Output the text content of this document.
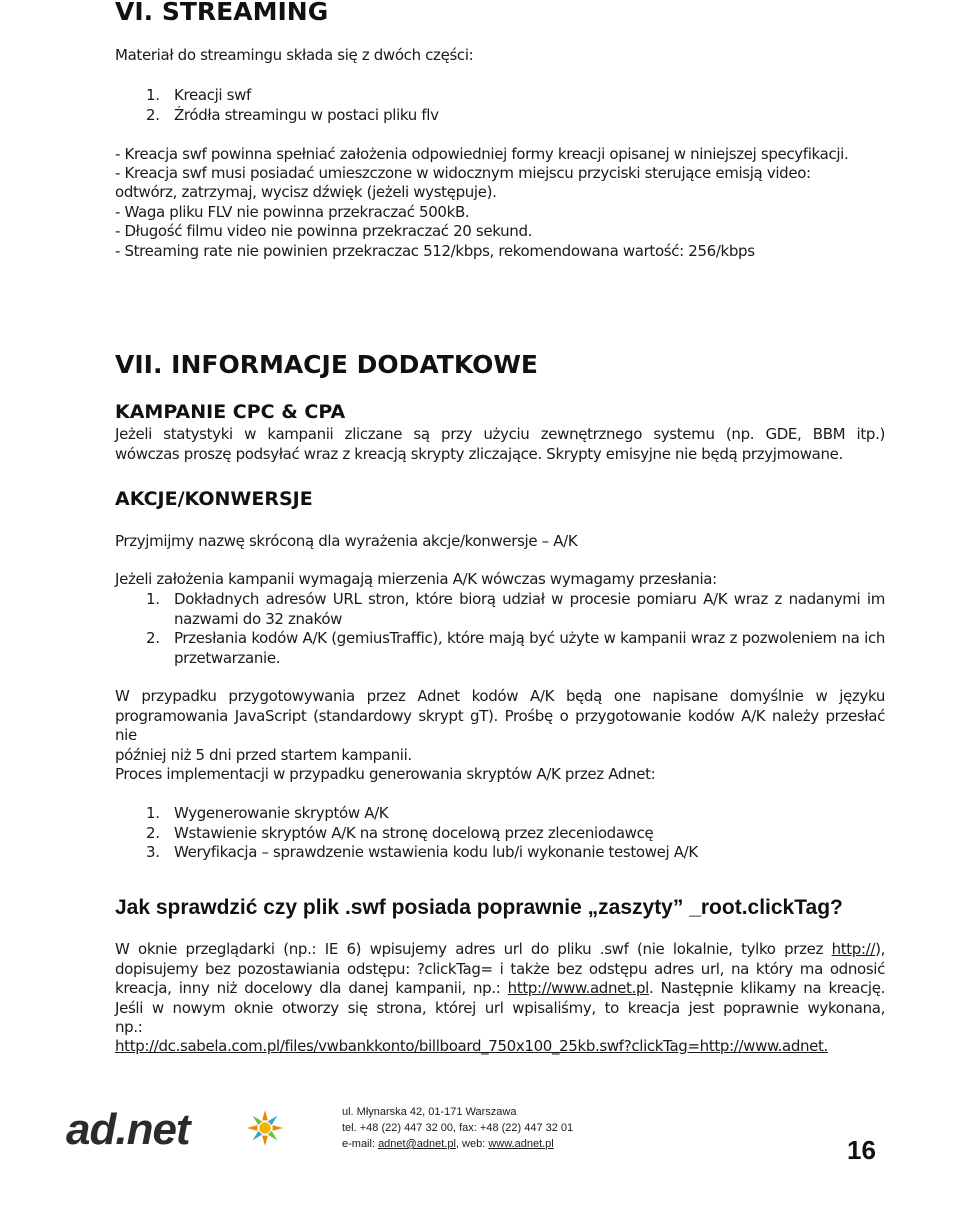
VI. STREAMING
Materiał do streamingu składa się z dwóch części:
1. Kreacji swf
2. Źródła streamingu w postaci pliku flv
- Kreacja swf powinna spełniać założenia odpowiedniej formy kreacji opisanej w niniejszej specyfikacji.
- Kreacja swf musi posiadać umieszczone w widocznym miejscu przyciski sterujące emisją video:
odtwórz, zatrzymaj, wycisz dźwięk (jeżeli występuje).
- Waga pliku FLV nie powinna przekraczać 500kB.
- Długość filmu video nie powinna przekraczać 20 sekund.
- Streaming rate nie powinien przekraczac 512/kbps, rekomendowana wartość: 256/kbps
VII. INFORMACJE DODATKOWE
KAMPANIE CPC & CPA
Jeżeli statystyki w kampanii zliczane są przy użyciu zewnętrznego systemu (np. GDE, BBM itp.)
wówczas proszę podsyłać wraz z kreacją skrypty zliczające. Skrypty emisyjne nie będą przyjmowane.
AKCJE/KONWERSJE
Przyjmijmy nazwę skróconą dla wyrażenia akcje/konwersje – A/K
Jeżeli założenia kampanii wymagają mierzenia A/K wówczas wymagamy przesłania:
1. Dokładnych adresów URL stron, które biorą udział w procesie pomiaru A/K wraz z nadanymi im
nazwami do 32 znaków
2. Przesłania kodów A/K (gemiusTraffic), które mają być użyte w kampanii wraz z pozwoleniem na ich
przetwarzanie.
W przypadku przygotowywania przez Adnet kodów A/K będą one napisane domyślnie w języku
programowania JavaScript (standardowy skrypt gT). Prośbę o przygotowanie kodów A/K należy przesłać nie
później niż 5 dni przed startem kampanii.
Proces implementacji w przypadku generowania skryptów A/K przez Adnet:
1. Wygenerowanie skryptów A/K
2. Wstawienie skryptów A/K na stronę docelową przez zleceniodawcę
3. Weryfikacja – sprawdzenie wstawienia kodu lub/i wykonanie testowej A/K
Jak sprawdzić czy plik .swf posiada poprawnie „zaszyty” _root.clickTag?
W oknie przeglądarki (np.: IE 6) wpisujemy adres url do pliku .swf (nie lokalnie, tylko przez http://),
dopisujemy bez pozostawiania odstępu: ?clickTag= i także bez odstępu adres url, na który ma odnosić
kreacja, inny niż docelowy dla danej kampanii, np.: http://www.adnet.pl. Następnie klikamy na kreację.
Jeśli w nowym oknie otworzy się strona, której url wpisaliśmy, to kreacja jest poprawnie wykonana,
np.:
http://dc.sabela.com.pl/files/vwbankkonto/billboard_750x100_25kb.swf?clickTag=http://www.adnet.
ad.net	ul. Młynarska 42, 01-171 Warszawa
tel. +48 (22) 447 32 00, fax: +48 (22) 447 32 01
e-mail: adnet@adnet.pl, web: www.adnet.pl	16
